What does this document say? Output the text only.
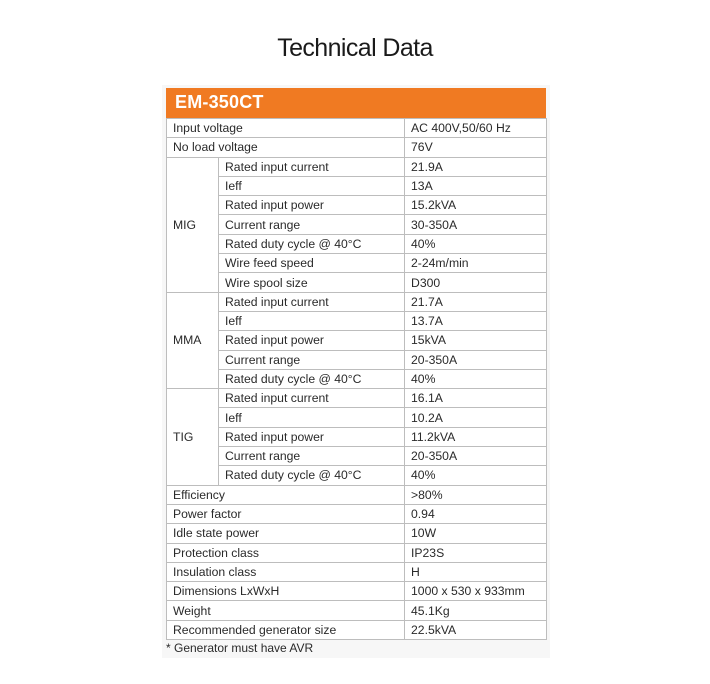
Technical Data
EM-350CT
Input voltage		AC 400V,50/60 Hz
No load voltage		76V
MIG	Rated input current	21.9A
	Ieff	13A
	Rated input power	15.2kVA
	Current range	30-350A
	Rated duty cycle @ 40°C	40%
	Wire feed speed	2-24m/min
	Wire spool size	D300
MMA	Rated input current	21.7A
	Ieff	13.7A
	Rated input power	15kVA
	Current range	20-350A
	Rated duty cycle @ 40°C	40%
TIG	Rated input current	16.1A
	Ieff	10.2A
	Rated input power	11.2kVA
	Current range	20-350A
	Rated duty cycle @ 40°C	40%
Efficiency		>80%
Power factor		0.94
Idle state power		10W
Protection class		IP23S
Insulation class		H
Dimensions LxWxH		1000 x 530 x 933mm
Weight		45.1Kg
Recommended generator size		22.5kVA
* Generator must have AVR
